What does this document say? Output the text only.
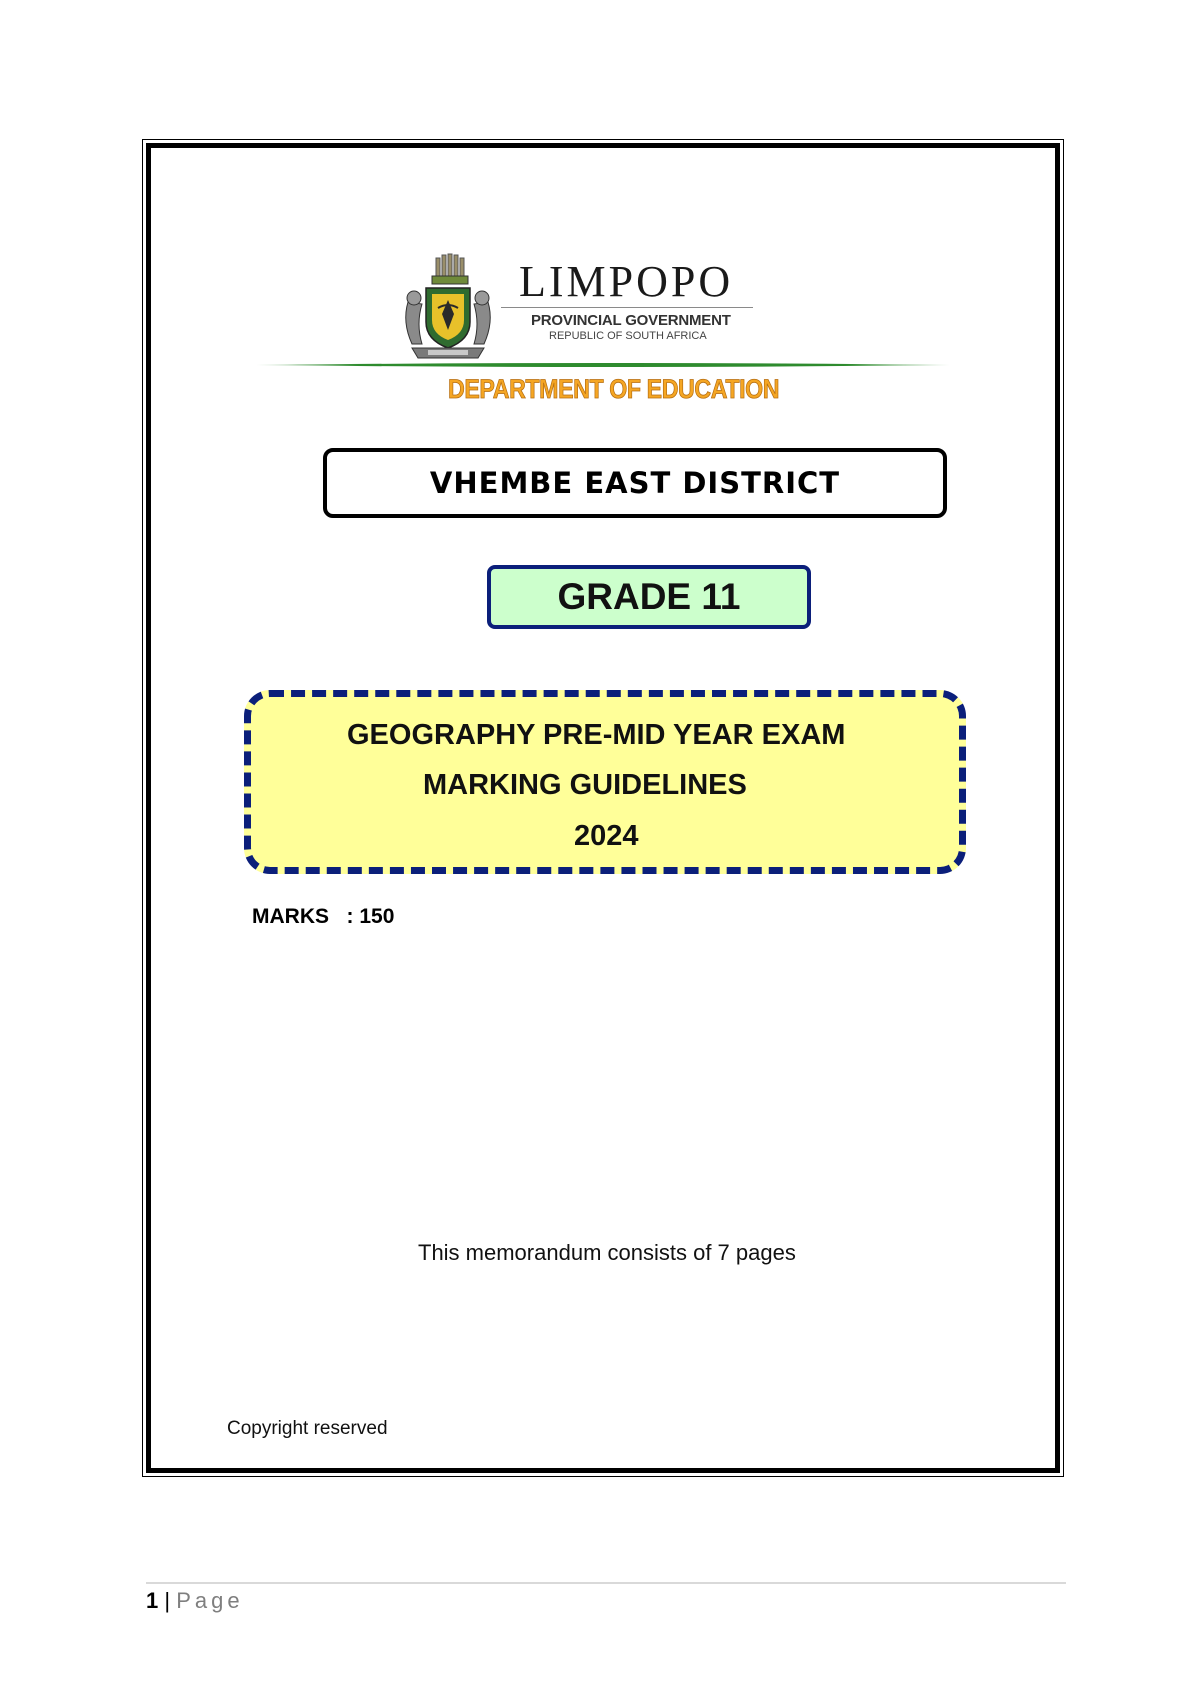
LIMPOPO
PROVINCIAL GOVERNMENT
REPUBLIC OF SOUTH AFRICA
DEPARTMENT OF EDUCATION
VHEMBE EAST DISTRICT
GRADE 11
GEOGRAPHY PRE-MID YEAR EXAM
MARKING GUIDELINES
2024
MARKS : 150
This memorandum consists of 7 pages
Copyright reserved
1 | Page
